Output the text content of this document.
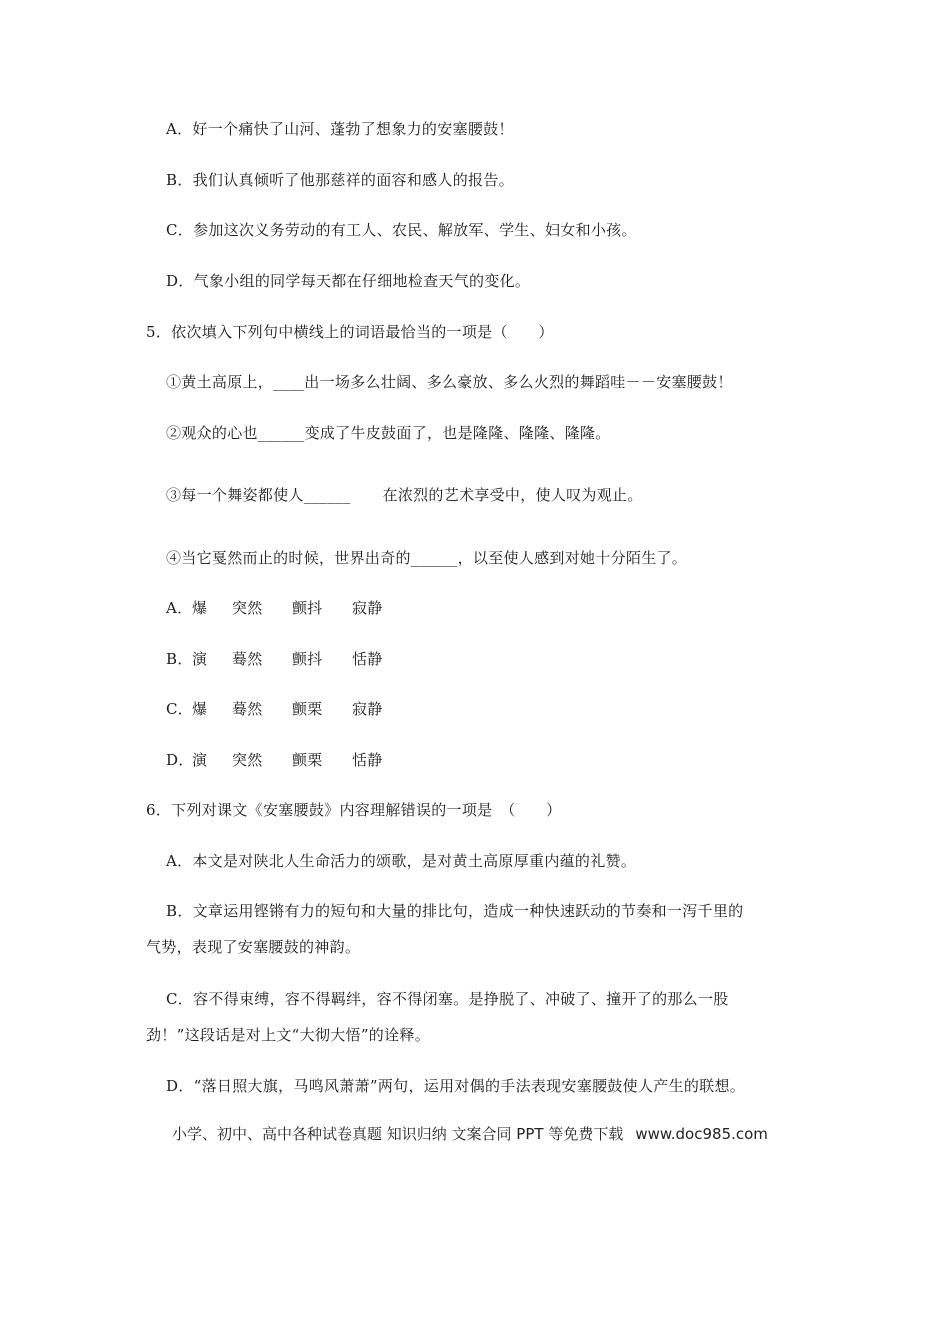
A．好一个痛快了山河、蓬勃了想象力的安塞腰鼓！
B．我们认真倾听了他那慈祥的面容和感人的报告。
C．参加这次义务劳动的有工人、农民、解放军、学生、妇女和小孩。
D．气象小组的同学每天都在仔细地检查天气的变化。
5．依次填入下列句中横线上的词语最恰当的一项是（　　）
①黄土高原上，____出一场多么壮阔、多么豪放、多么火烈的舞蹈哇－－安塞腰鼓！
②观众的心也______变成了牛皮鼓面了，也是隆隆、隆隆、隆隆。
③每一个舞姿都使人______ 在浓烈的艺术享受中，使人叹为观止。
④当它戛然而止的时候，世界出奇的______，以至使人感到对她十分陌生了。
A．爆 突然 颤抖 寂静
B．演 蓦然 颤抖 恬静
C．爆 蓦然 颤栗 寂静
D．演 突然 颤栗 恬静
6．下列对课文《安塞腰鼓》内容理解错误的一项是　（　　）
A．本文是对陕北人生命活力的颂歌，是对黄土高原厚重内蕴的礼赞。
B．文章运用铿锵有力的短句和大量的排比句，造成一种快速跃动的节奏和一泻千里的
气势，表现了安塞腰鼓的神韵。
C．容不得束缚，容不得羁绊，容不得闭塞。是挣脱了、冲破了、撞开了的那么一股
劲！”这段话是对上文“大彻大悟”的诠释。
D．“落日照大旗，马鸣风萧萧”两句，运用对偶的手法表现安塞腰鼓使人产生的联想。
小学、初中、高中各种试卷真题 知识归纳 文案合同 PPT 等免费下载 www.doc985.com
